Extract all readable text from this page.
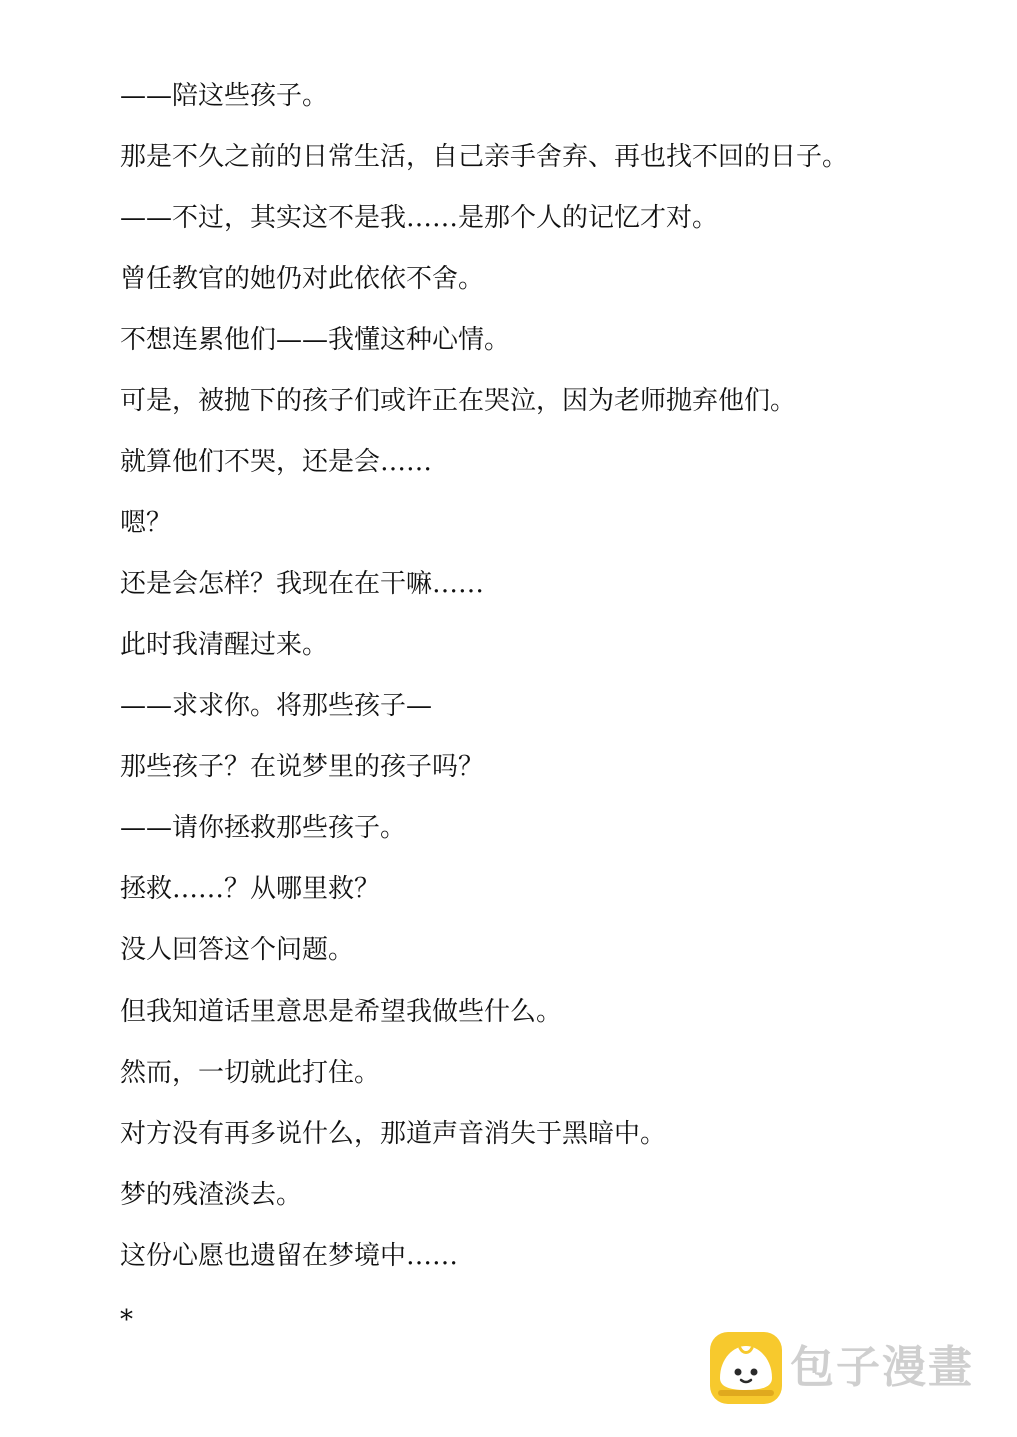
——陪这些孩子。

那是不久之前的日常生活，自己亲手舍弃、再也找不回的日子。

——不过，其实这不是我……是那个人的记忆才对。

曾任教官的她仍对此依依不舍。

不想连累他们——我懂这种心情。

可是，被抛下的孩子们或许正在哭泣，因为老师抛弃他们。

就算他们不哭，还是会……

嗯？

还是会怎样？我现在在干嘛……

此时我清醒过来。

——求求你。将那些孩子—

那些孩子？在说梦里的孩子吗？

——请你拯救那些孩子。

拯救……？从哪里救？

没人回答这个问题。

但我知道话里意思是希望我做些什么。

然而，一切就此打住。

对方没有再多说什么，那道声音消失于黑暗中。

梦的残渣淡去。

这份心愿也遗留在梦境中……

*

包子漫畫
